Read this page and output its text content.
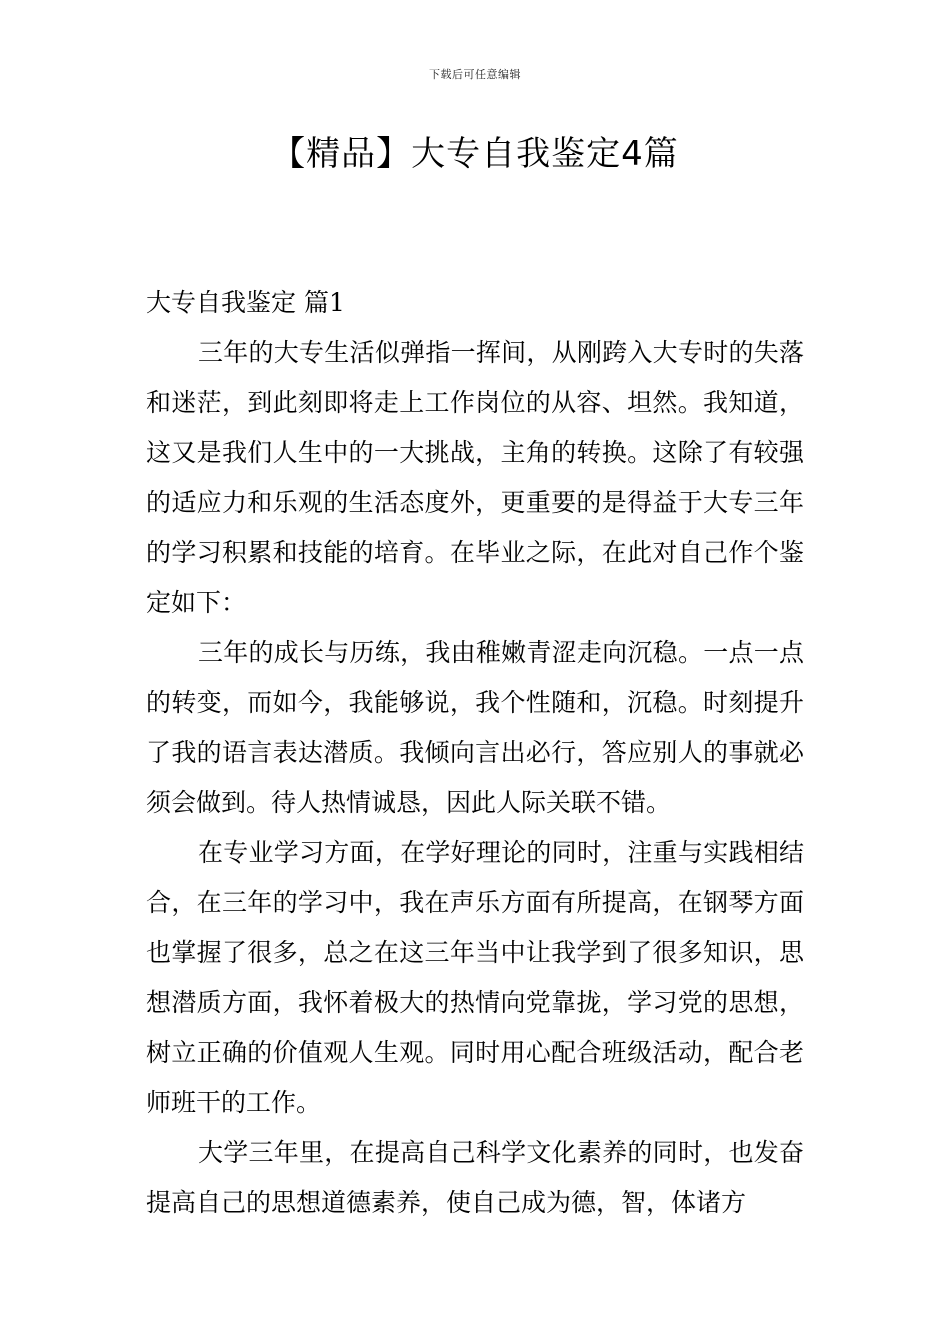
下载后可任意编辑
【精品】大专自我鉴定4篇
大专自我鉴定 篇1

三年的大专生活似弹指一挥间，从刚跨入大专时的失落和迷茫，到此刻即将走上工作岗位的从容、坦然。我知道，这又是我们人生中的一大挑战，主角的转换。这除了有较强的适应力和乐观的生活态度外，更重要的是得益于大专三年的学习积累和技能的培育。在毕业之际，在此对自己作个鉴定如下：

三年的成长与历练，我由稚嫩青涩走向沉稳。一点一点的转变，而如今，我能够说，我个性随和，沉稳。时刻提升了我的语言表达潜质。我倾向言出必行，答应别人的事就必须会做到。待人热情诚恳，因此人际关联不错。

在专业学习方面，在学好理论的同时，注重与实践相结合，在三年的学习中，我在声乐方面有所提高，在钢琴方面也掌握了很多，总之在这三年当中让我学到了很多知识，思想潜质方面，我怀着极大的热情向党靠拢，学习党的思想，树立正确的价值观人生观。同时用心配合班级活动，配合老师班干的工作。

大学三年里，在提高自己科学文化素养的同时，也发奋提高自己的思想道德素养，使自己成为德，智，体诸方
